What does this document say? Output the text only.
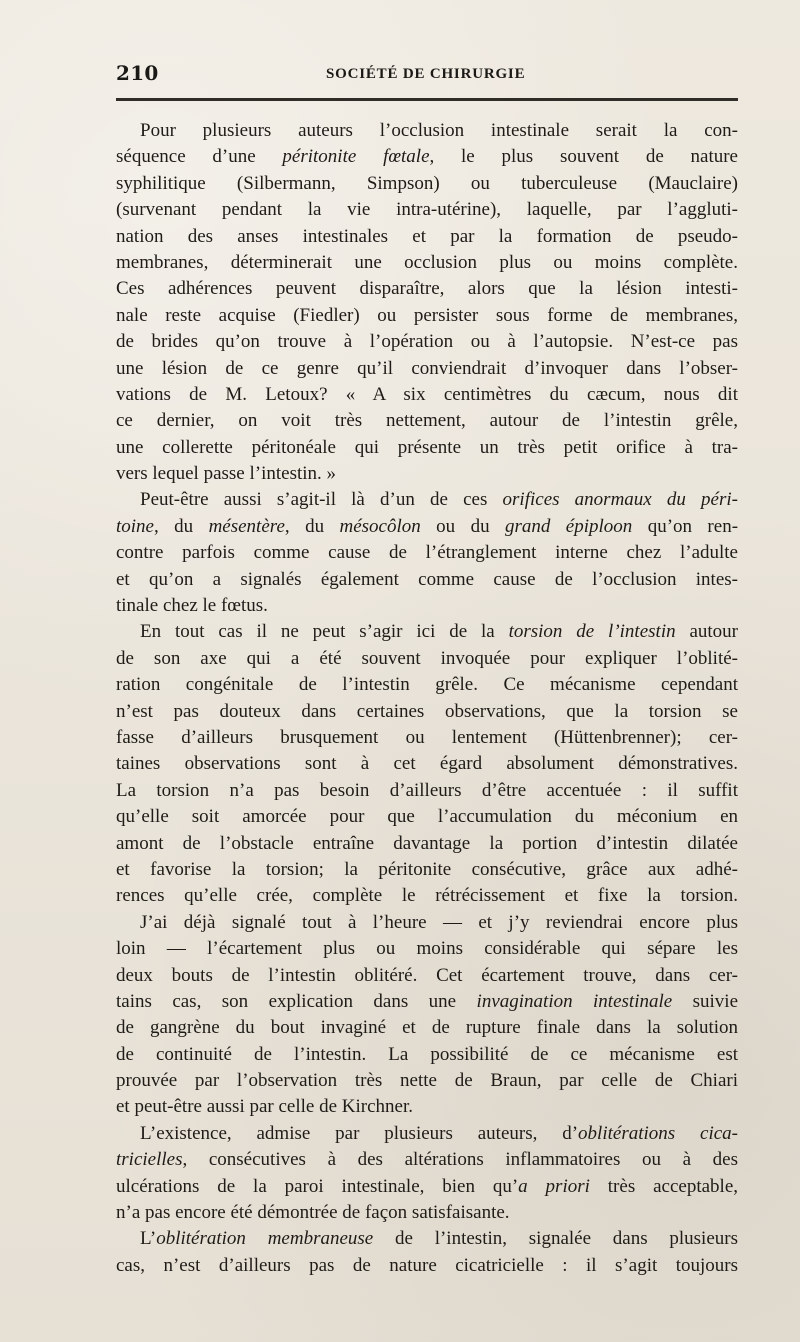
210	SOCIÉTÉ DE CHIRURGIE
Pour plusieurs auteurs l’occlusion intestinale serait la con-
séquence d’une péritonite fœtale, le plus souvent de nature
syphilitique (Silbermann, Simpson) ou tuberculeuse (Mauclaire)
(survenant pendant la vie intra-utérine), laquelle, par l’aggluti-
nation des anses intestinales et par la formation de pseudo-
membranes, déterminerait une occlusion plus ou moins complète.
Ces adhérences peuvent disparaître, alors que la lésion intesti-
nale reste acquise (Fiedler) ou persister sous forme de membranes,
de brides qu’on trouve à l’opération ou à l’autopsie. N’est-ce pas
une lésion de ce genre qu’il conviendrait d’invoquer dans l’obser-
vations de M. Letoux? « A six centimètres du cæcum, nous dit
ce dernier, on voit très nettement, autour de l’intestin grêle,
une collerette péritonéale qui présente un très petit orifice à tra-
vers lequel passe l’intestin. »
Peut-être aussi s’agit-il là d’un de ces orifices anormaux du péri-
toine, du mésentère, du mésocôlon ou du grand épiploon qu’on ren-
contre parfois comme cause de l’étranglement interne chez l’adulte
et qu’on a signalés également comme cause de l’occlusion intes-
tinale chez le fœtus.
En tout cas il ne peut s’agir ici de la torsion de l’intestin autour
de son axe qui a été souvent invoquée pour expliquer l’oblité-
ration congénitale de l’intestin grêle. Ce mécanisme cependant
n’est pas douteux dans certaines observations, que la torsion se
fasse d’ailleurs brusquement ou lentement (Hüttenbrenner); cer-
taines observations sont à cet égard absolument démonstratives.
La torsion n’a pas besoin d’ailleurs d’être accentuée : il suffit
qu’elle soit amorcée pour que l’accumulation du méconium en
amont de l’obstacle entraîne davantage la portion d’intestin dilatée
et favorise la torsion; la péritonite consécutive, grâce aux adhé-
rences qu’elle crée, complète le rétrécissement et fixe la torsion.
J’ai déjà signalé tout à l’heure — et j’y reviendrai encore plus
loin — l’écartement plus ou moins considérable qui sépare les
deux bouts de l’intestin oblitéré. Cet écartement trouve, dans cer-
tains cas, son explication dans une invagination intestinale suivie
de gangrène du bout invaginé et de rupture finale dans la solution
de continuité de l’intestin. La possibilité de ce mécanisme est
prouvée par l’observation très nette de Braun, par celle de Chiari
et peut-être aussi par celle de Kirchner.
L’existence, admise par plusieurs auteurs, d’oblitérations cica-
tricielles, consécutives à des altérations inflammatoires ou à des
ulcérations de la paroi intestinale, bien qu’a priori très acceptable,
n’a pas encore été démontrée de façon satisfaisante.
L’oblitération membraneuse de l’intestin, signalée dans plusieurs
cas, n’est d’ailleurs pas de nature cicatricielle : il s’agit toujours
